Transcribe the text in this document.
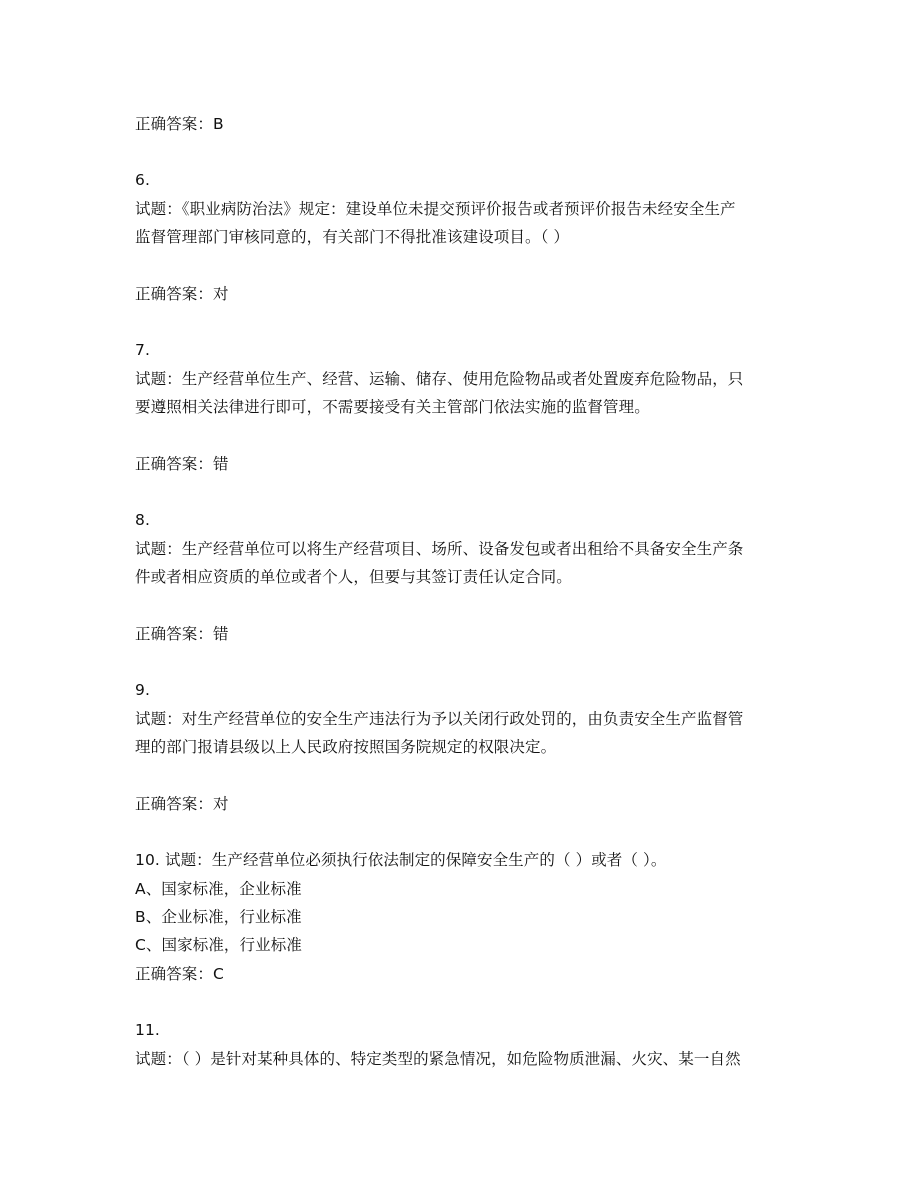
正确答案：B
6.
试题：《职业病防治法》规定：建设单位未提交预评价报告或者预评价报告未经安全生产
监督管理部门审核同意的，有关部门不得批准该建设项目。（ ）
正确答案：对
7.
试题：生产经营单位生产、经营、运输、储存、使用危险物品或者处置废弃危险物品，只
要遵照相关法律进行即可，不需要接受有关主管部门依法实施的监督管理。
正确答案：错
8.
试题：生产经营单位可以将生产经营项目、场所、设备发包或者出租给不具备安全生产条
件或者相应资质的单位或者个人，但要与其签订责任认定合同。
正确答案：错
9.
试题：对生产经营单位的安全生产违法行为予以关闭行政处罚的，由负责安全生产监督管
理的部门报请县级以上人民政府按照国务院规定的权限决定。
正确答案：对
10. 试题：生产经营单位必须执行依法制定的保障安全生产的（ ）或者（ ）。
A、国家标准，企业标准
B、企业标准，行业标准
C、国家标准，行业标准
正确答案：C
11.
试题：（ ）是针对某种具体的、特定类型的紧急情况，如危险物质泄漏、火灾、某一自然
